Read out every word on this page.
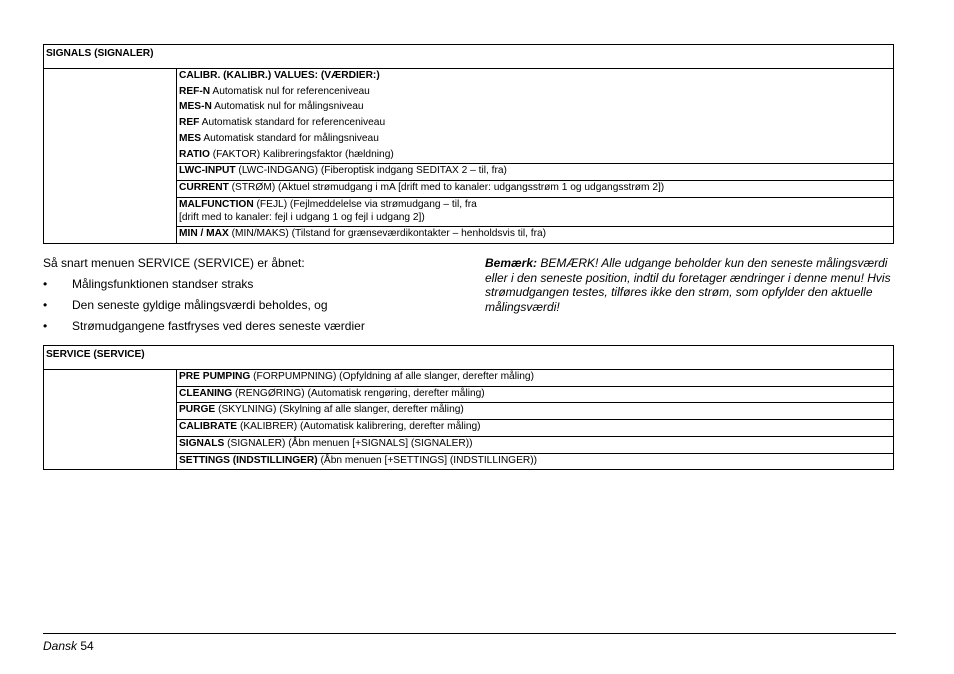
SIGNALS (SIGNALER)

CALIBR. (KALIBR.) VALUES: (VÆRDIER:)
REF-N Automatisk nul for referenceniveau
MES-N Automatisk nul for målingsniveau
REF Automatisk standard for referenceniveau
MES Automatisk standard for målingsniveau
RATIO (FAKTOR) Kalibreringsfaktor (hældning)

LWC-INPUT (LWC-INDGANG) (Fiberoptisk indgang SEDITAX 2 – til, fra)
CURRENT (STRØM) (Aktuel strømudgang i mA [drift med to kanaler: udgangsstrøm 1 og udgangsstrøm 2])

MALFUNCTION (FEJL) (Fejlmeddelelse via strømudgang – til, fra
[drift med to kanaler: fejl i udgang 1 og fejl i udgang 2])

MIN / MAX (MIN/MAKS) (Tilstand for grænseværdikontakter – henholdsvis til, fra)
Så snart menuen SERVICE (SERVICE) er åbnet:
• Målingsfunktionen standser straks
• Den seneste gyldige målingsværdi beholdes, og
• Strømudgangene fastfryses ved deres seneste værdier
Bemærk: BEMÆRK! Alle udgange beholder kun den seneste målingsværdi eller i den seneste position, indtil du foretager ændringer i denne menu! Hvis strømudgangen testes, tilføres ikke den strøm, som opfylder den aktuelle målingsværdi!
SERVICE (SERVICE)
	PRE PUMPING (FORPUMPNING) (Opfyldning af alle slanger, derefter måling)
CLEANING (RENGØRING) (Automatisk rengøring, derefter måling)
PURGE (SKYLNING) (Skylning af alle slanger, derefter måling)
CALIBRATE (KALIBRER) (Automatisk kalibrering, derefter måling)
SIGNALS (SIGNALER) (Åbn menuen [+SIGNALS] (SIGNALER))
SETTINGS (INDSTILLINGER) (Åbn menuen [+SETTINGS] (INDSTILLINGER))
Dansk 54
